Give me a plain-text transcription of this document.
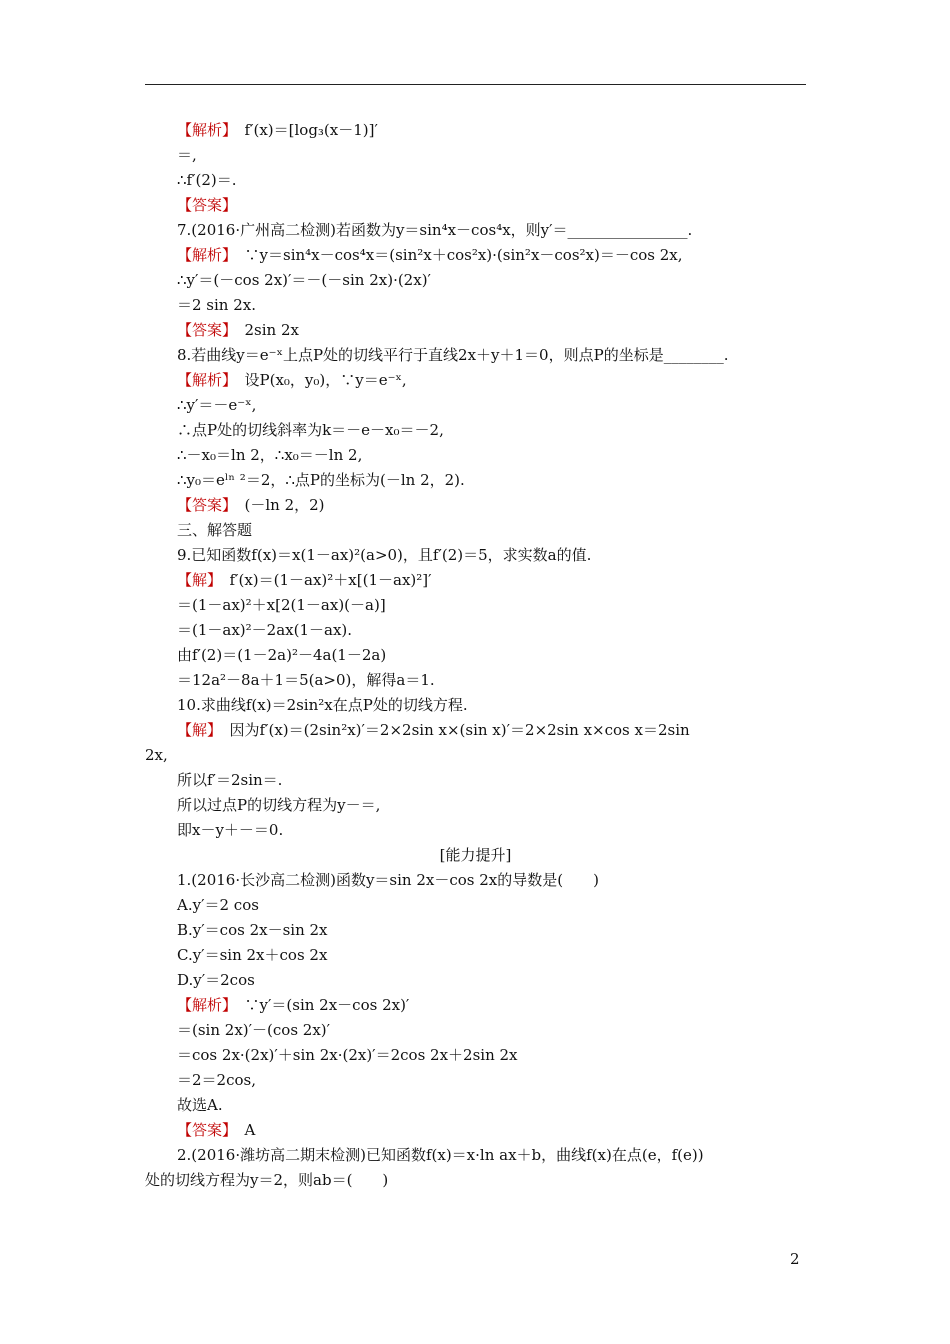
【解析】　f′(x)＝[log₃(x－1)]′
＝,
∴f′(2)＝.
【答案】
7.(2016·广州高二检测)若函数为y＝sin⁴x－cos⁴x，则y′＝________________.
【解析】　∵y＝sin⁴x－cos⁴x＝(sin²x＋cos²x)·(sin²x－cos²x)＝－cos 2x,
∴y′＝(－cos 2x)′＝－(－sin 2x)·(2x)′
＝2 sin 2x.
【答案】　2sin 2x
8.若曲线y＝e⁻ˣ上点P处的切线平行于直线2x＋y＋1＝0，则点P的坐标是________.
【解析】　设P(x₀，y₀)，∵y＝e⁻ˣ,
∴y′＝－e⁻ˣ,
∴点P处的切线斜率为k＝－e－x₀＝－2,
∴－x₀＝ln 2，∴x₀＝－ln 2,
∴y₀＝eˡⁿ ²＝2，∴点P的坐标为(－ln 2，2).
【答案】　(－ln 2，2)
三、解答题
9.已知函数f(x)＝x(1－ax)²(a>0)，且f′(2)＝5，求实数a的值.
【解】　f′(x)＝(1－ax)²＋x[(1－ax)²]′
＝(1－ax)²＋x[2(1－ax)(－a)]
＝(1－ax)²－2ax(1－ax).
由f′(2)＝(1－2a)²－4a(1－2a)
＝12a²－8a＋1＝5(a>0)，解得a＝1.
10.求曲线f(x)＝2sin²x在点P处的切线方程.
【解】　因为f′(x)＝(2sin²x)′＝2×2sin x×(sin x)′＝2×2sin x×cos x＝2sin
2x,
所以f′＝2sin＝.
所以过点P的切线方程为y－＝,
即x－y＋－＝0.
[能力提升]
1.(2016·长沙高二检测)函数y＝sin 2x－cos 2x的导数是(　　)
A.y′＝2 cos
B.y′＝cos 2x－sin 2x
C.y′＝sin 2x＋cos 2x
D.y′＝2cos
【解析】　∵y′＝(sin 2x－cos 2x)′
＝(sin 2x)′－(cos 2x)′
＝cos 2x·(2x)′＋sin 2x·(2x)′＝2cos 2x＋2sin 2x
＝2＝2cos,
故选A.
【答案】　A
2.(2016·潍坊高二期末检测)已知函数f(x)＝x·ln ax＋b，曲线f(x)在点(e，f(e))
处的切线方程为y＝2，则ab＝(　　)
2
